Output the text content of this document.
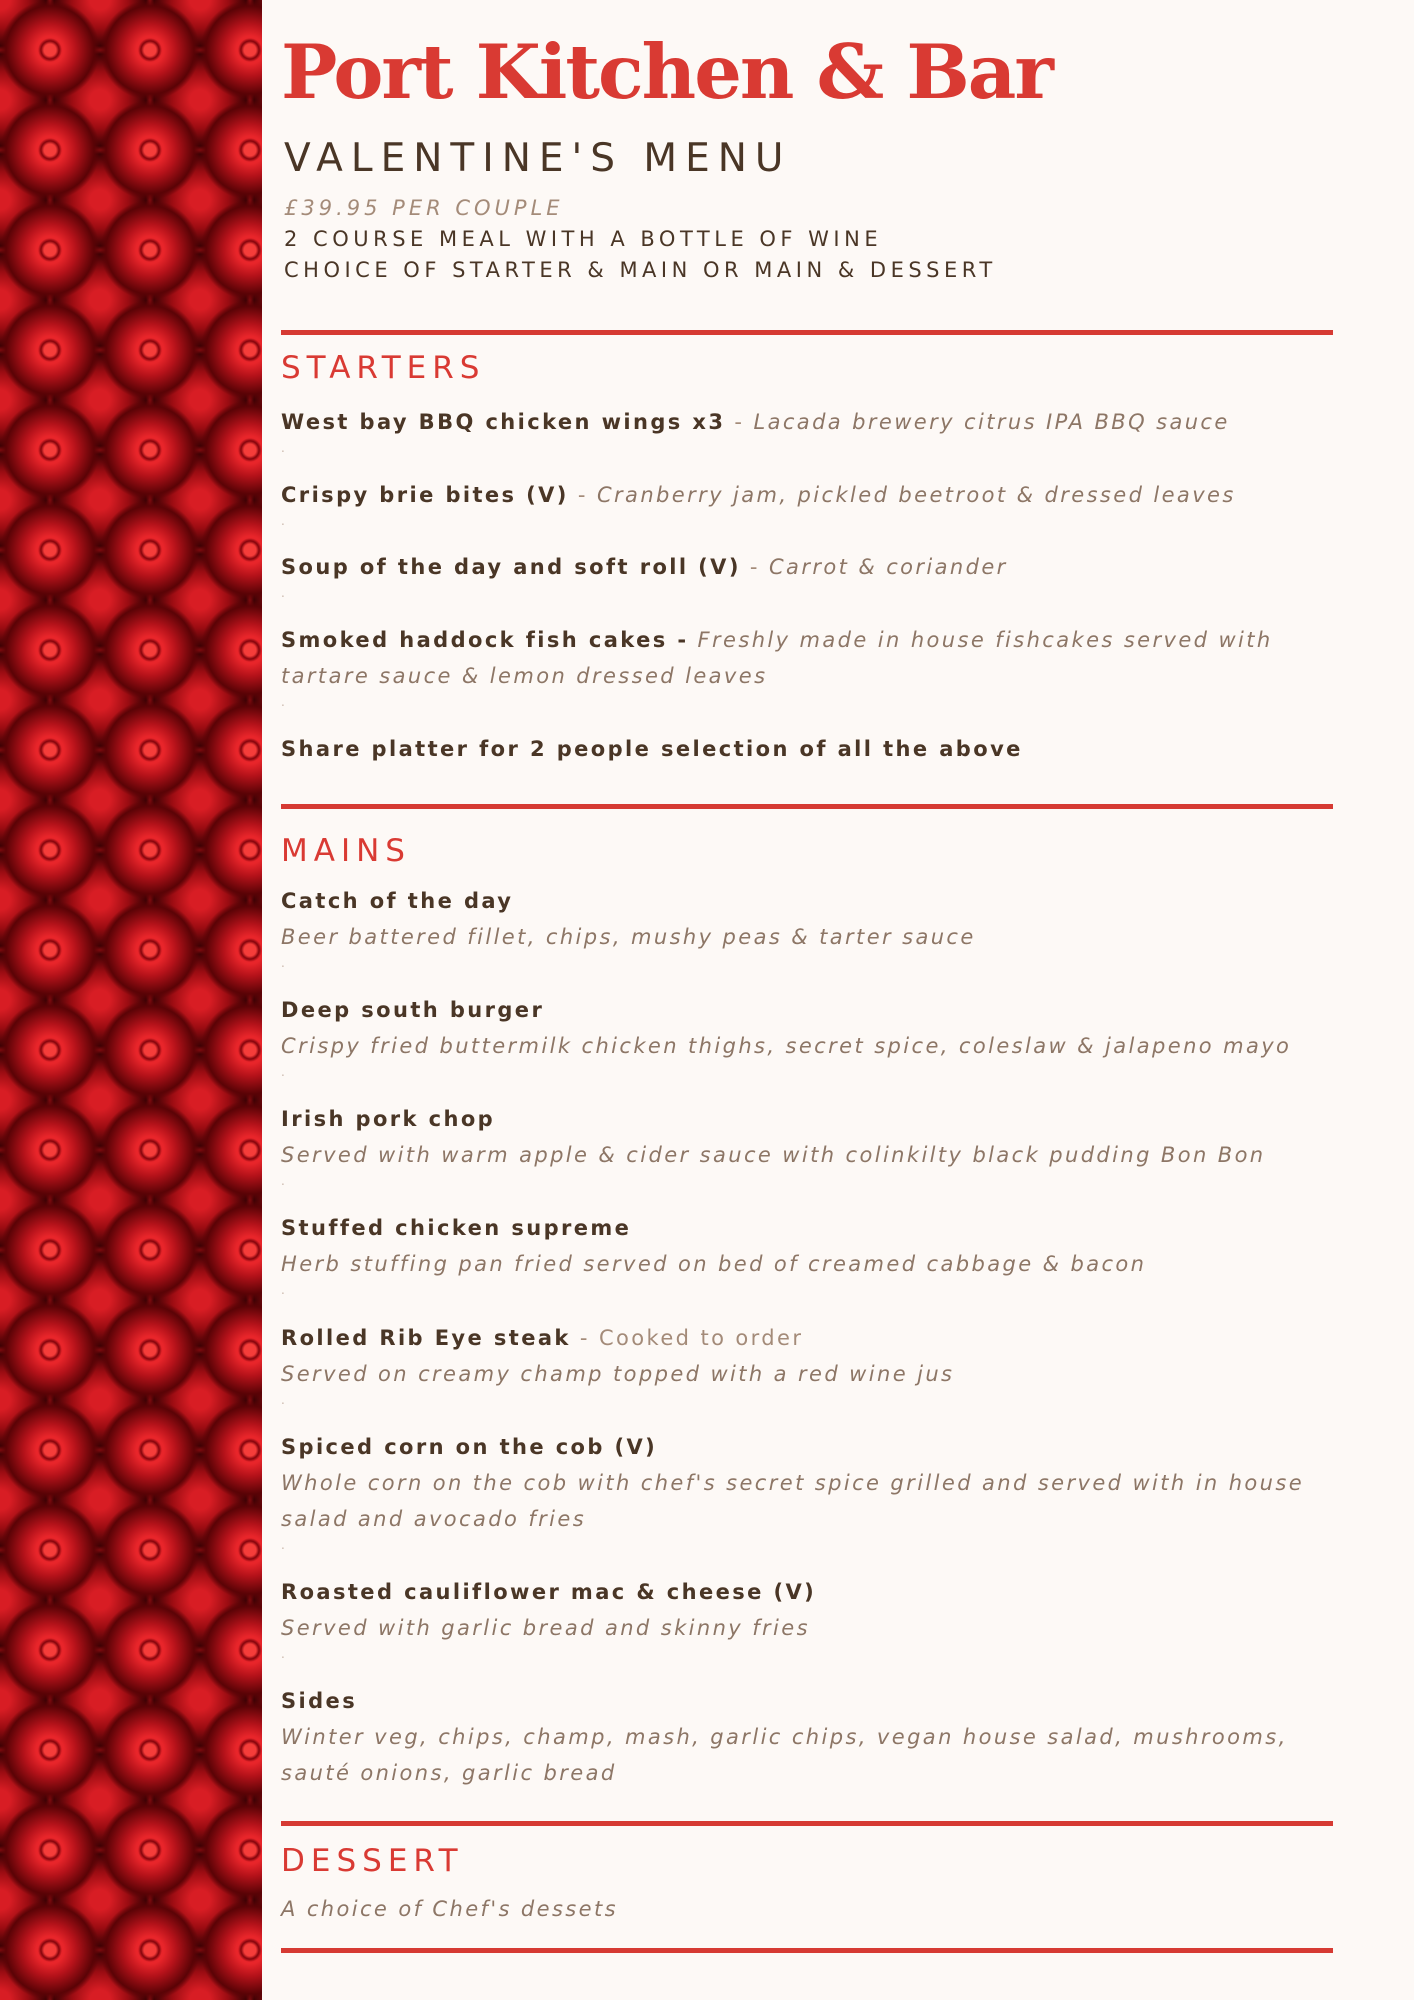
Port Kitchen & Bar
VALENTINE'S MENU
£39.95 PER COUPLE
2 COURSE MEAL WITH A BOTTLE OF WINE
CHOICE OF STARTER & MAIN OR MAIN & DESSERT
STARTERS
West bay BBQ chicken wings x3 - Lacada brewery citrus IPA BBQ sauce
.
Crispy brie bites (V) - Cranberry jam, pickled beetroot & dressed leaves
.
Soup of the day and soft roll (V) - Carrot & coriander
.
Smoked haddock fish cakes - Freshly made in house fishcakes served with tartare sauce & lemon dressed leaves
.
Share platter for 2 people selection of all the above
MAINS
Catch of the day
Beer battered fillet, chips, mushy peas & tarter sauce
.
Deep south burger
Crispy fried buttermilk chicken thighs, secret spice, coleslaw & jalapeno mayo
.
Irish pork chop
Served with warm apple & cider sauce with colinkilty black pudding Bon Bon
.
Stuffed chicken supreme
Herb stuffing pan fried served on bed of creamed cabbage & bacon
.
Rolled Rib Eye steak - Cooked to order
Served on creamy champ topped with a red wine jus
.
Spiced corn on the cob (V)
Whole corn on the cob with chef's secret spice grilled and served with in house salad and avocado fries
.
Roasted cauliflower mac & cheese (V)
Served with garlic bread and skinny fries
.
Sides
Winter veg, chips, champ, mash, garlic chips, vegan house salad, mushrooms, sauté onions, garlic bread
DESSERT
A choice of Chef's dessets
